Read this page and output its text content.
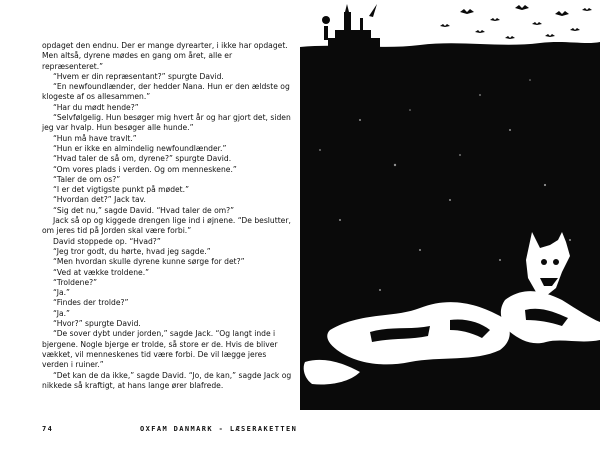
opdaget den endnu. Der er mange dyrearter, i ikke har opdaget. Men altså, dyrene mødes en gang om året, alle er repræsenteret.”

“Hvem er din repræsentant?” spurgte David.

“En newfoundlænder, der hedder Nana. Hun er den ældste og klogeste af os allesammen.”

“Har du mødt hende?”

“Selvfølgelig. Hun besøger mig hvert år og har gjort det, siden jeg var hvalp. Hun besøger alle hunde.”

“Hun må have travlt.”

“Hun er ikke en almindelig newfoundlænder.”

“Hvad taler de så om, dyrene?” spurgte David.

“Om vores plads i verden. Og om menneskene.”

“Taler de om os?”

“I er det vigtigste punkt på mødet.”

“Hvordan det?” Jack tav.

“Sig det nu,” sagde David. “Hvad taler de om?”

Jack så op og kiggede drengen lige ind i øjnene. “De beslutter, om jeres tid på Jorden skal være forbi.”

David stoppede op. “Hvad?”

“Jeg tror godt, du hørte, hvad jeg sagde.”

“Men hvordan skulle dyrene kunne sørge for det?”

“Ved at vække troldene.”

“Troldene?”

“Ja.”

“Findes der trolde?”

“Ja.”

“Hvor?” spurgte David.

“De sover dybt under jorden,” sagde Jack. “Og langt inde i bjergene. Nogle bjerge er trolde, så store er de. Hvis de bliver vækket, vil menneskenes tid være forbi. De vil lægge jeres verden i ruiner.”

“Det kan de da ikke,” sagde David. “Jo, de kan,” sagde Jack og nikkede så kraftigt, at hans lange ører blafrede.

74	OXFAM DANMARK - LÆSERAKETTEN	MELLEMTRIN	75
